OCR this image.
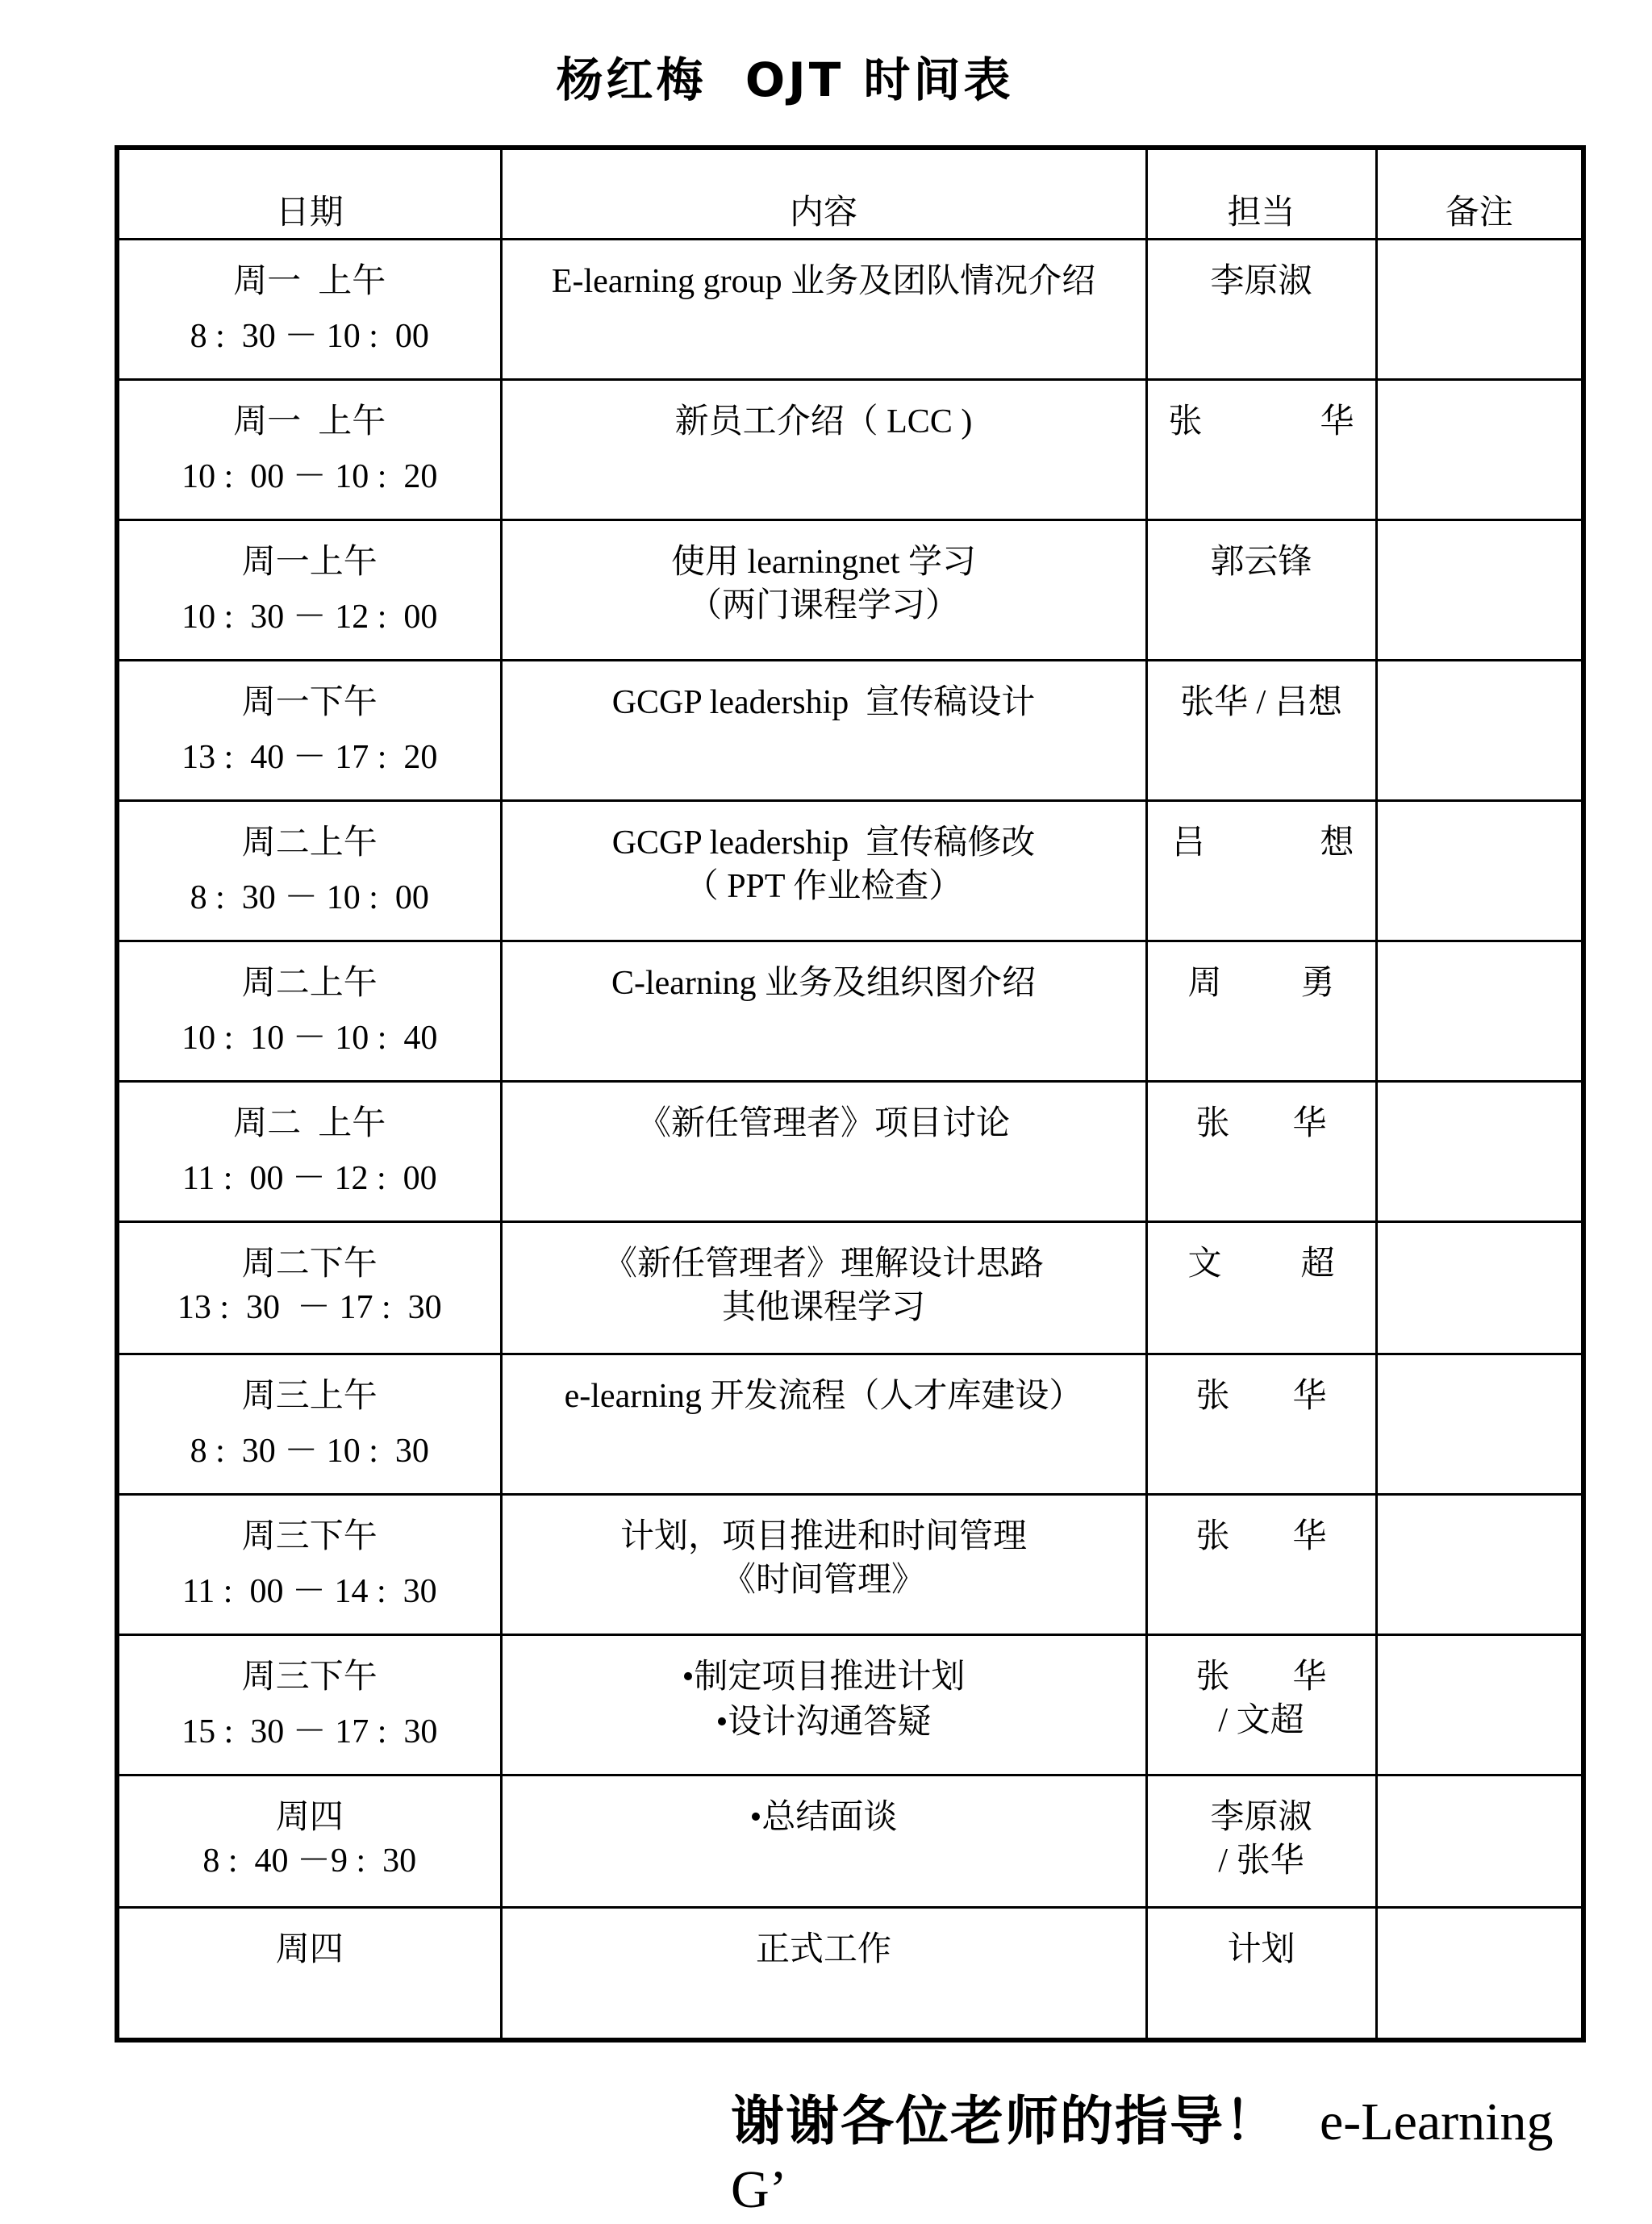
杨红梅  OJT 时间表
日期	内容	担当	备注

周一  上午
8 :  30 － 10 :  00	E-learning group 业务及团队情况介绍	李原淑	

周一  上午
10 :  00 － 10 :  20	新员工介绍（ LCC )	张 华	

周一上午
10 :  30 － 12 :  00	使用 learningnet 学习
（两门课程学习）	郭云锋	

周一下午
13 :  40 － 17 :  20	GCGP leadership  宣传稿设计	张华 / 吕想	

周二上午
8 :  30 － 10 :  00	GCGP leadership  宣传稿修改
（ PPT 作业检查）	吕 想	

周二上午
10 :  10 － 10 :  40	C-learning 业务及组织图介绍	周 勇	

周二  上午
11 :  00 － 12 :  00	《新任管理者》项目讨论	张 华	

周二下午
13 :  30  － 17 :  30	《新任管理者》理解设计思路
其他课程学习	文 超	

周三上午
8 :  30 － 10 :  30	e-learning 开发流程（人才库建设）	张 华	

周三下午
11 :  00 － 14 :  30	计划，项目推进和时间管理
《时间管理》	张 华	

周三下午
15 :  30 － 17 :  30	•制定项目推进计划
•设计沟通答疑	张 华
/ 文超	

周四
8 :  40 －9 :  30	•总结面谈	李原淑
/ 张华	

周四	正式工作	计划	

谢谢各位老师的指导！ e-Learning G’
